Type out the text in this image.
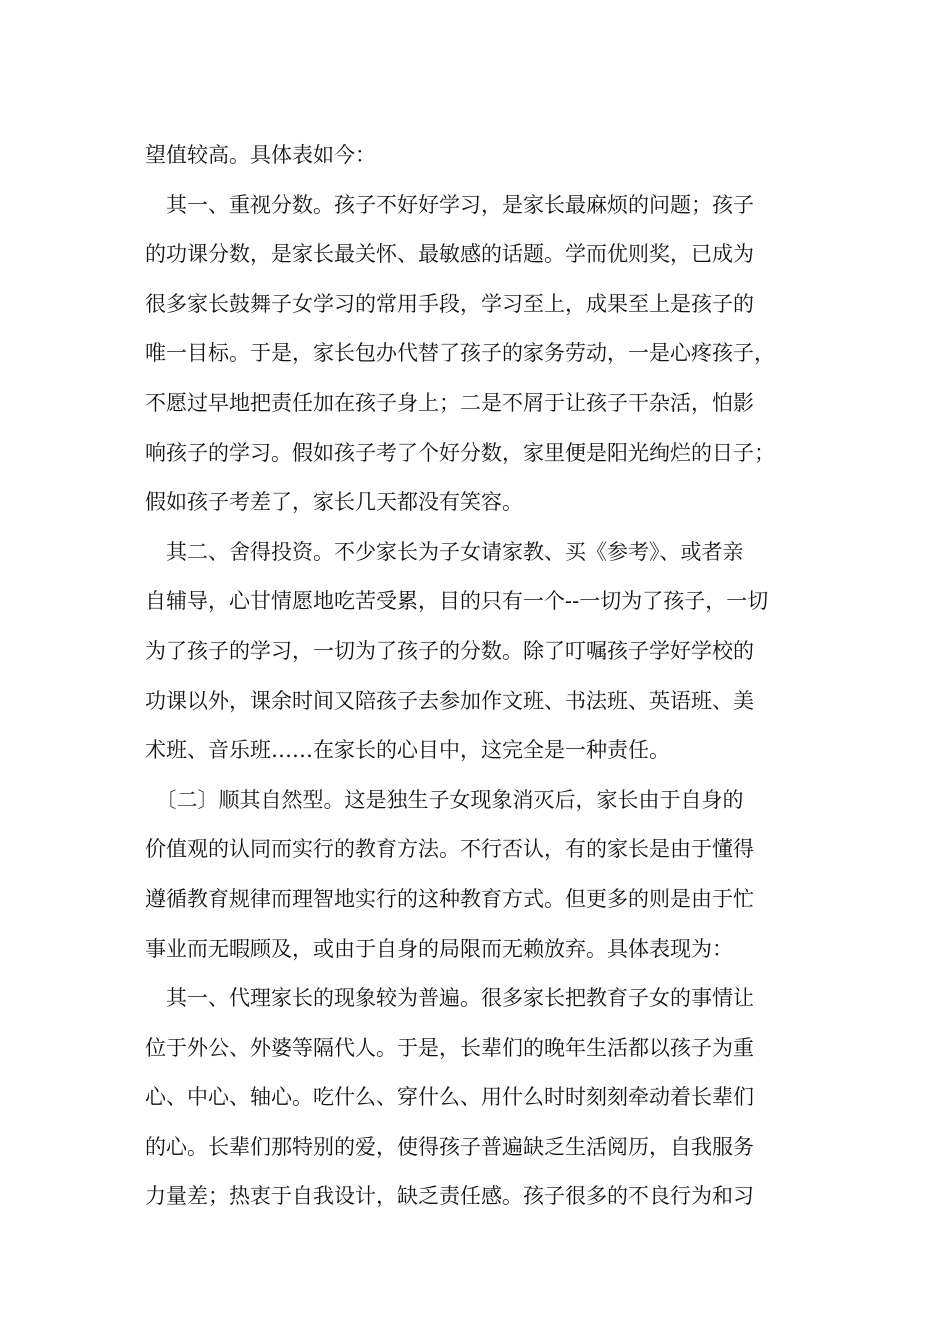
望值较高。具体表如今：
　其一、重视分数。孩子不好好学习，是家长最麻烦的问题；孩子
的功课分数，是家长最关怀、最敏感的话题。学而优则奖，已成为
很多家长鼓舞子女学习的常用手段，学习至上，成果至上是孩子的
唯一目标。于是，家长包办代替了孩子的家务劳动，一是心疼孩子，
不愿过早地把责任加在孩子身上；二是不屑于让孩子干杂活，怕影
响孩子的学习。假如孩子考了个好分数，家里便是阳光绚烂的日子；
假如孩子考差了，家长几天都没有笑容。
　其二、舍得投资。不少家长为子女请家教、买《参考》、或者亲
自辅导，心甘情愿地吃苦受累，目的只有一个--一切为了孩子，一切
为了孩子的学习，一切为了孩子的分数。除了叮嘱孩子学好学校的
功课以外，课余时间又陪孩子去参加作文班、书法班、英语班、美
术班、音乐班……在家长的心目中，这完全是一种责任。
　〔二〕顺其自然型。这是独生子女现象消灭后，家长由于自身的
价值观的认同而实行的教育方法。不行否认，有的家长是由于懂得
遵循教育规律而理智地实行的这种教育方式。但更多的则是由于忙
事业而无暇顾及，或由于自身的局限而无赖放弃。具体表现为：
　其一、代理家长的现象较为普遍。很多家长把教育子女的事情让
位于外公、外婆等隔代人。于是，长辈们的晚年生活都以孩子为重
心、中心、轴心。吃什么、穿什么、用什么时时刻刻牵动着长辈们
的心。长辈们那特别的爱，使得孩子普遍缺乏生活阅历，自我服务
力量差；热衷于自我设计，缺乏责任感。孩子很多的不良行为和习
